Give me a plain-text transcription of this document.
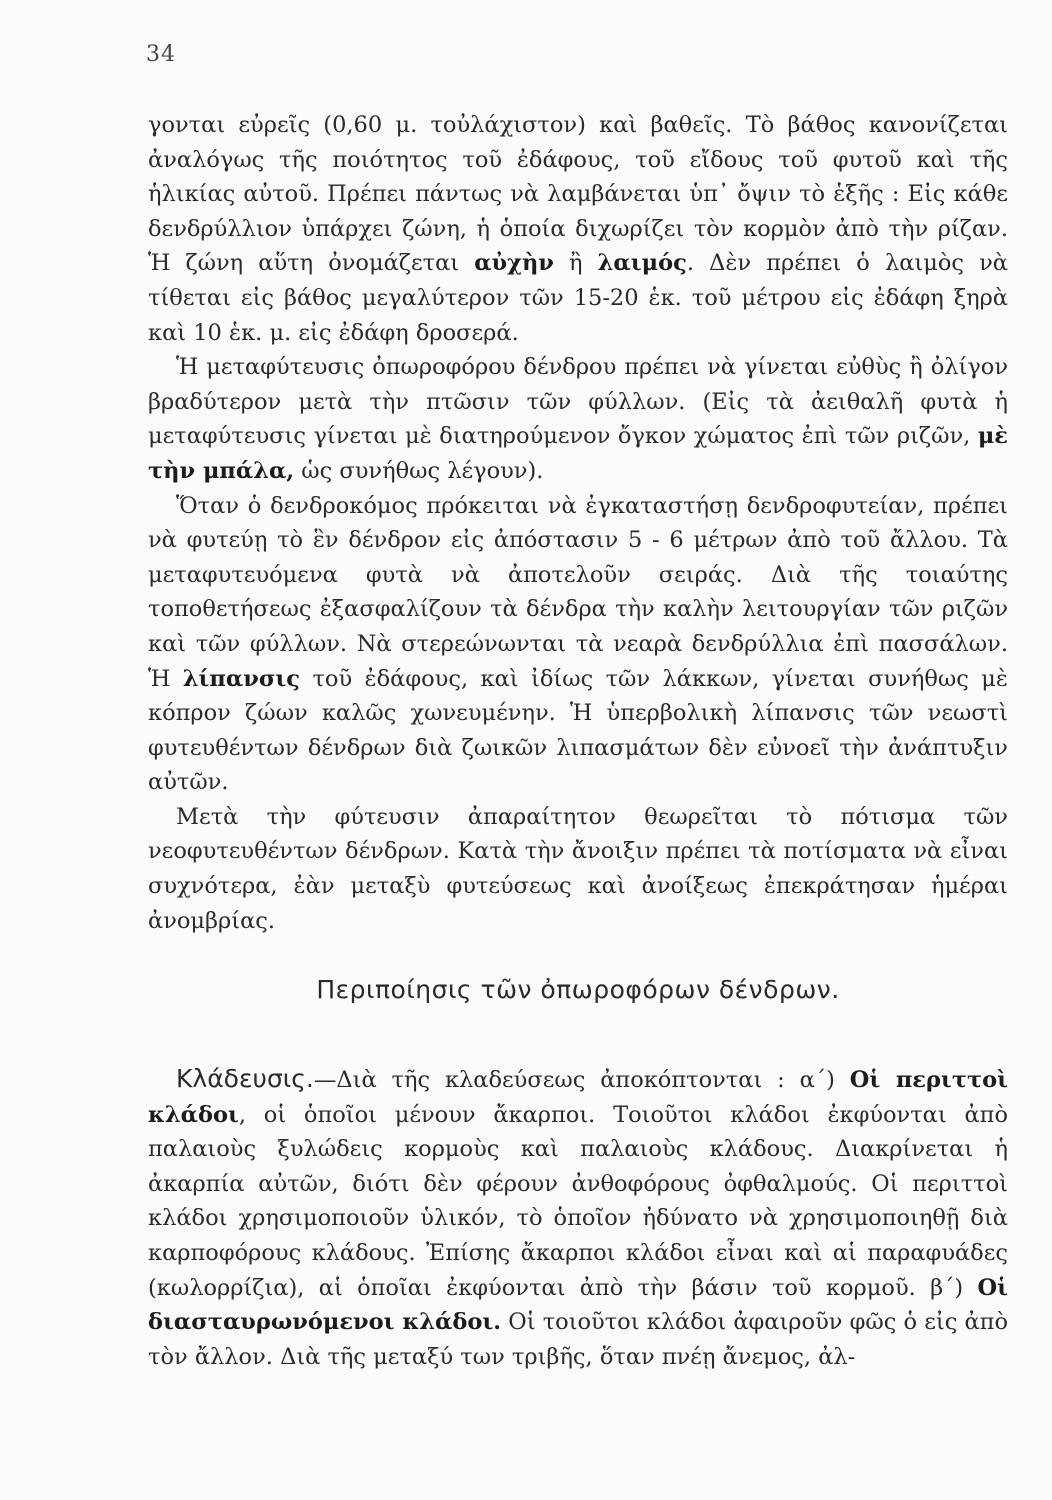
34

γονται εὐρεῖς (0,60 μ. τοὐλάχιστον) καὶ βαθεῖς. Τὸ βάθος κανονίζεται ἀναλόγως τῆς ποιότητος τοῦ ἐδάφους, τοῦ εἴδους τοῦ φυτοῦ καὶ τῆς ἡλικίας αὐτοῦ. Πρέπει πάντως νὰ λαμβάνεται ὑπ᾽ ὄψιν τὸ ἑξῆς : Εἰς κάθε δενδρύλλιον ὑπάρχει ζώνη, ἡ ὁποία διχωρίζει τὸν κορμὸν ἀπὸ τὴν ρίζαν. Ἡ ζώνη αὕτη ὀνομάζεται αὐχὴν ἢ λαιμός. Δὲν πρέπει ὁ λαιμὸς νὰ τίθεται εἰς βάθος μεγαλύτερον τῶν 15-20 ἑκ. τοῦ μέτρου εἰς ἐδάφη ξηρὰ καὶ 10 ἑκ. μ. εἰς ἐδάφη δροσερά.

Ἡ μεταφύτευσις ὀπωροφόρου δένδρου πρέπει νὰ γίνεται εὐθὺς ἢ ὀλίγον βραδύτερον μετὰ τὴν πτῶσιν τῶν φύλλων. (Εἰς τὰ ἀειθαλῆ φυτὰ ἡ μεταφύτευσις γίνεται μὲ διατηρούμενον ὄγκον χώματος ἐπὶ τῶν ριζῶν, μὲ τὴν μπάλα, ὡς συνήθως λέγουν).

Ὅταν ὁ δενδροκόμος πρόκειται νὰ ἐγκαταστήσῃ δενδροφυτείαν, πρέπει νὰ φυτεύῃ τὸ ἓν δένδρον εἰς ἀπόστασιν 5 - 6 μέτρων ἀπὸ τοῦ ἄλλου. Τὰ μεταφυτευόμενα φυτὰ νὰ ἀποτελοῦν σειράς. Διὰ τῆς τοιαύτης τοποθετήσεως ἐξασφαλίζουν τὰ δένδρα τὴν καλὴν λειτουργίαν τῶν ριζῶν καὶ τῶν φύλλων. Νὰ στερεώνωνται τὰ νεαρὰ δενδρύλλια ἐπὶ πασσάλων. Ἡ λίπανσις τοῦ ἐδάφους, καὶ ἰδίως τῶν λάκκων, γίνεται συνήθως μὲ κόπρον ζώων καλῶς χωνευμένην. Ἡ ὑπερβολικὴ λίπανσις τῶν νεωστὶ φυτευθέντων δένδρων διὰ ζωικῶν λιπασμάτων δὲν εὐνοεῖ τὴν ἀνάπτυξιν αὐτῶν.

Μετὰ τὴν φύτευσιν ἀπαραίτητον θεωρεῖται τὸ πότισμα τῶν νεοφυτευθέντων δένδρων. Κατὰ τὴν ἄνοιξιν πρέπει τὰ ποτίσματα νὰ εἶναι συχνότερα, ἐὰν μεταξὺ φυτεύσεως καὶ ἀνοίξεως ἐπεκράτησαν ἡμέραι ἀνομβρίας.

Περιποίησις τῶν ὀπωροφόρων δένδρων.

Κλάδευσις.—Διὰ τῆς κλαδεύσεως ἀποκόπτονται : α´) Οἱ περιττοὶ κλάδοι, οἱ ὁποῖοι μένουν ἄκαρποι. Τοιοῦτοι κλάδοι ἐκφύονται ἀπὸ παλαιοὺς ξυλώδεις κορμοὺς καὶ παλαιοὺς κλάδους. Διακρίνεται ἡ ἀκαρπία αὐτῶν, διότι δὲν φέρουν ἀνθοφόρους ὀφθαλμούς. Οἱ περιττοὶ κλάδοι χρησιμοποιοῦν ὑλικόν, τὸ ὁποῖον ἠδύνατο νὰ χρησιμοποιηθῇ διὰ καρποφόρους κλάδους. Ἐπίσης ἄκαρποι κλάδοι εἶναι καὶ αἱ παραφυάδες (κωλορρίζια), αἱ ὁποῖαι ἐκφύονται ἀπὸ τὴν βάσιν τοῦ κορμοῦ. β´) Οἱ διασταυρωνόμενοι κλάδοι. Οἱ τοιοῦτοι κλάδοι ἀφαιροῦν φῶς ὁ εἰς ἀπὸ τὸν ἄλλον. Διὰ τῆς μεταξύ των τριβῆς, ὅταν πνέῃ ἄνεμος, ἀλ-
